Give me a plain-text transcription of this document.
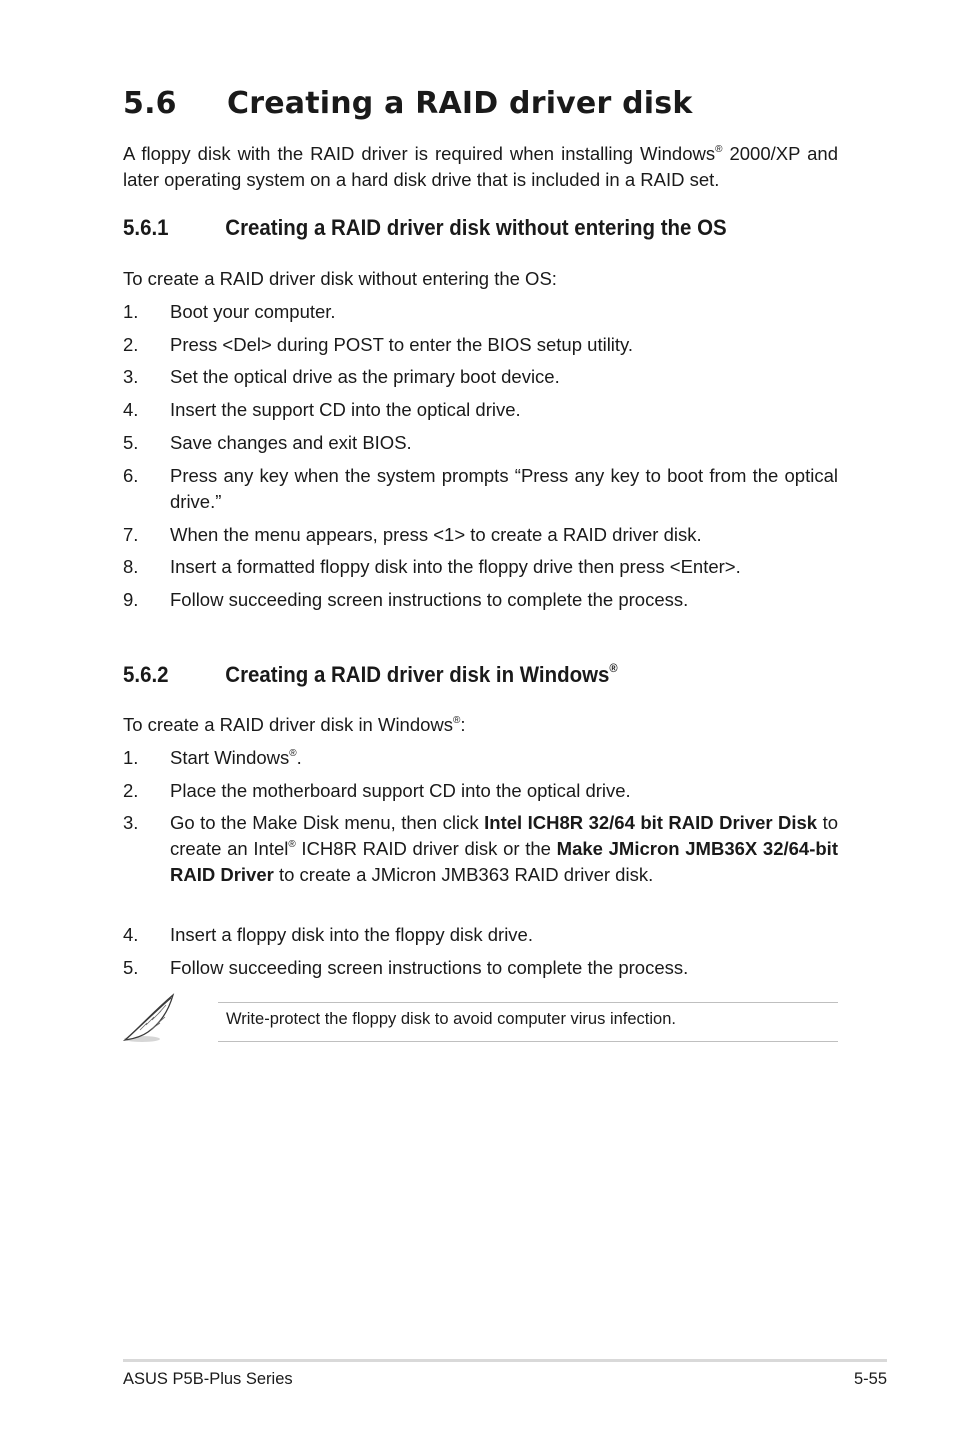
5.6 Creating a RAID driver disk

A floppy disk with the RAID driver is required when installing Windows® 2000/XP and later operating system on a hard disk drive that is included in a RAID set.

5.6.1	Creating a RAID driver disk without entering the OS

To create a RAID driver disk without entering the OS:

1. Boot your computer.
2. Press <Del> during POST to enter the BIOS setup utility.
3. Set the optical drive as the primary boot device.
4. Insert the support CD into the optical drive.
5. Save changes and exit BIOS.
6. Press any key when the system prompts “Press any key to boot from the optical drive.”
7. When the menu appears, press <1> to create a RAID driver disk.
8. Insert a formatted floppy disk into the floppy drive then press <Enter>.
9. Follow succeeding screen instructions to complete the process.
5.6.2	Creating a RAID driver disk in Windows®

To create a RAID driver disk in Windows®:

1. Start Windows®.
2. Place the motherboard support CD into the optical drive.
3. Go to the Make Disk menu, then click Intel ICH8R 32/64 bit RAID Driver Disk to create an Intel® ICH8R RAID driver disk or the Make JMicron JMB36X 32/64-bit RAID Driver to create a JMicron JMB363 RAID driver disk.
4. Insert a floppy disk into the floppy disk drive.
5. Follow succeeding screen instructions to complete the process.
Write-protect the floppy disk to avoid computer virus infection.
ASUS P5B-Plus Series	5-55
